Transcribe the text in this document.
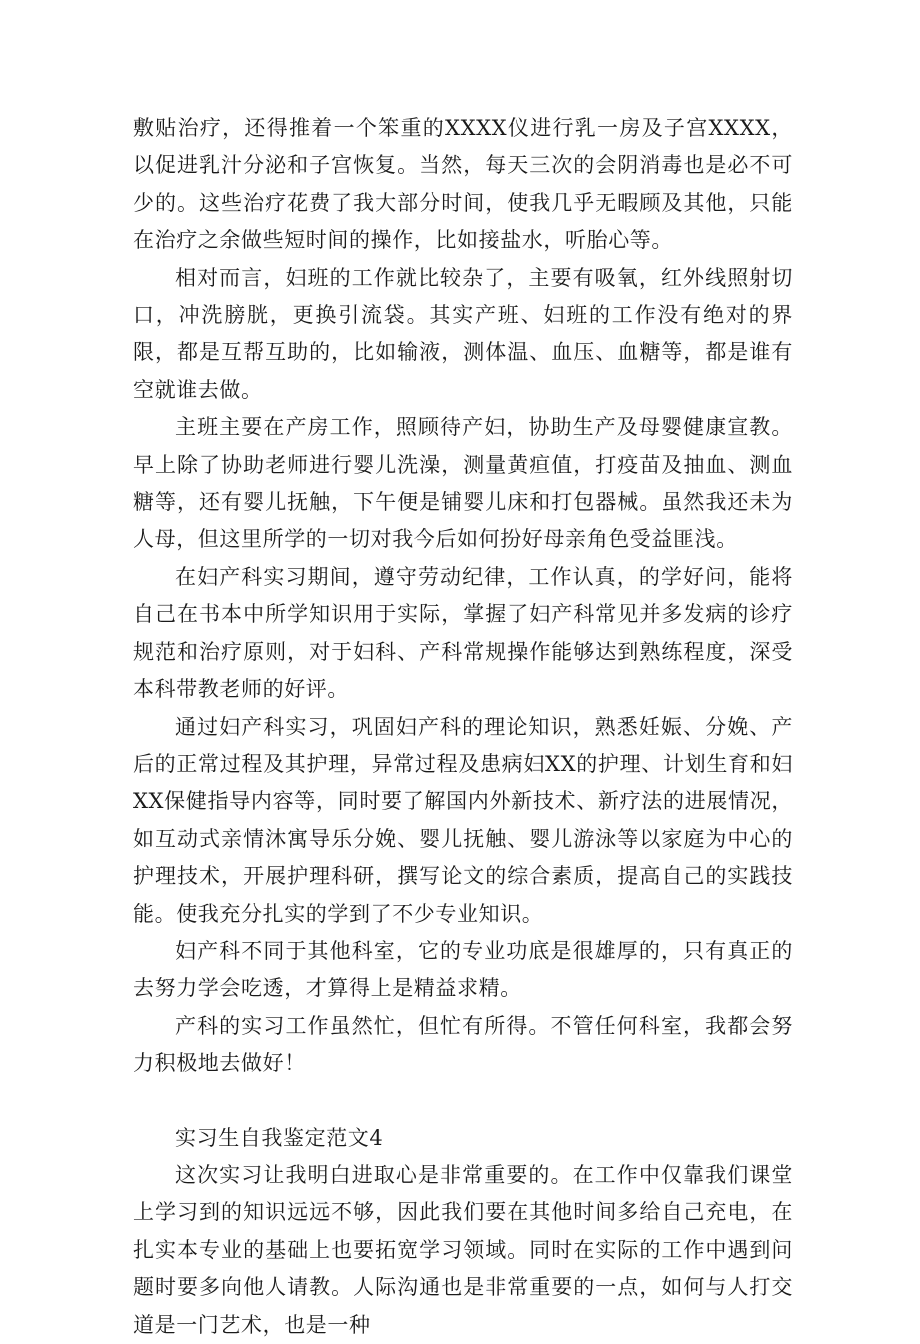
敷贴治疗，还得推着一个笨重的XXXX仪进行乳一房及子宫XXXX，以促进乳汁分泌和子宫恢复。当然，每天三次的会阴消毒也是必不可少的。这些治疗花费了我大部分时间，使我几乎无暇顾及其他，只能在治疗之余做些短时间的操作，比如接盐水，听胎心等。

相对而言，妇班的工作就比较杂了，主要有吸氧，红外线照射切口，冲洗膀胱，更换引流袋。其实产班、妇班的工作没有绝对的界限，都是互帮互助的，比如输液，测体温、血压、血糖等，都是谁有空就谁去做。

主班主要在产房工作，照顾待产妇，协助生产及母婴健康宣教。早上除了协助老师进行婴儿洗澡，测量黄疸值，打疫苗及抽血、测血糖等，还有婴儿抚触，下午便是铺婴儿床和打包器械。虽然我还未为人母，但这里所学的一切对我今后如何扮好母亲角色受益匪浅。

在妇产科实习期间，遵守劳动纪律，工作认真，的学好问，能将自己在书本中所学知识用于实际，掌握了妇产科常见并多发病的诊疗规范和治疗原则，对于妇科、产科常规操作能够达到熟练程度，深受本科带教老师的好评。

通过妇产科实习，巩固妇产科的理论知识，熟悉妊娠、分娩、产后的正常过程及其护理，异常过程及患病妇XX的护理、计划生育和妇XX保健指导内容等，同时要了解国内外新技术、新疗法的进展情况，如互动式亲情沐寓导乐分娩、婴儿抚触、婴儿游泳等以家庭为中心的护理技术，开展护理科研，撰写论文的综合素质，提高自己的实践技能。使我充分扎实的学到了不少专业知识。

妇产科不同于其他科室，它的专业功底是很雄厚的，只有真正的去努力学会吃透，才算得上是精益求精。

产科的实习工作虽然忙，但忙有所得。不管任何科室，我都会努力积极地去做好！

实习生自我鉴定范文4

这次实习让我明白进取心是非常重要的。在工作中仅靠我们课堂上学习到的知识远远不够，因此我们要在其他时间多给自己充电，在扎实本专业的基础上也要拓宽学习领域。同时在实际的工作中遇到问题时要多向他人请教。人际沟通也是非常重要的一点，如何与人打交道是一门艺术，也是一种
